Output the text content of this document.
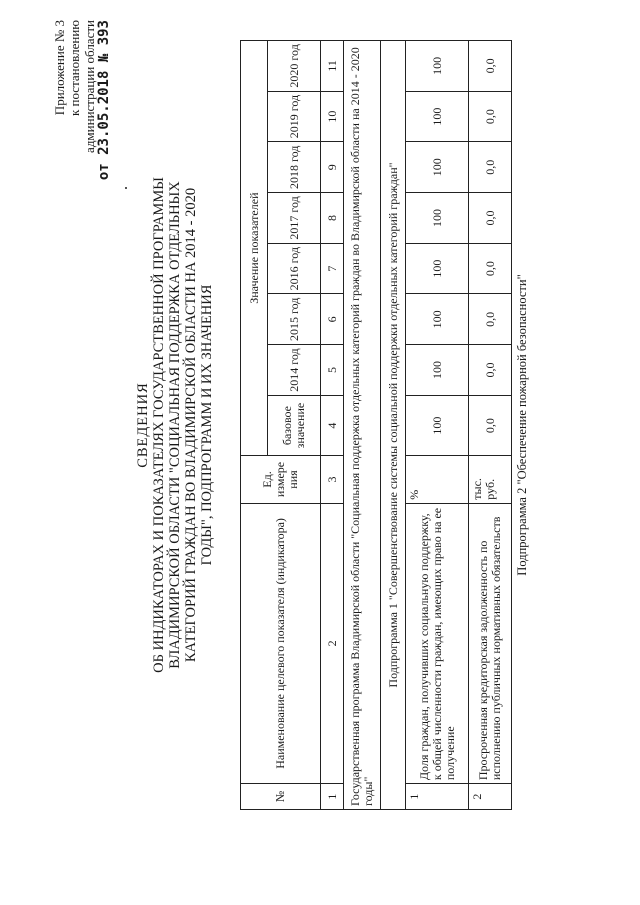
Приложение № 3 к постановлению администрации области от 23.05.2018 № 393
СВЕДЕНИЯ ОБ ИНДИКАТОРАХ И ПОКАЗАТЕЛЯХ ГОСУДАРСТВЕННОЙ ПРОГРАММЫ ВЛАДИМИРСКОЙ ОБЛАСТИ "СОЦИАЛЬНАЯ ПОДДЕРЖКА ОТДЕЛЬНЫХ КАТЕГОРИЙ ГРАЖДАН ВО ВЛАДИМИРСКОЙ ОБЛАСТИ НА 2014 - 2020 ГОДЫ", ПОДПРОГРАММ И ИХ ЗНАЧЕНИЯ
№	Наименование целевого показателя (индикатора)	Ед. измере ния	Значение показателей							
			базовое значение	2014 год	2015 год	2016 год	2017 год	2018 год	2019 год	2020 год
1	2	3	4	5	6	7	8	9	10	11
Государственная программа Владимирской области "Социальная поддержка отдельных категорий граждан во Владимирской области на 2014 - 2020 годы"										
Подпрограмма 1 "Совершенствование системы социальной поддержки отдельных категорий граждан"										
1	Доля граждан, получивших социальную поддержку, к общей численности граждан, имеющих право на ее получение	%	100	100	100	100	100	100	100	100
2	Просроченная кредиторская задолженность по исполнению публичных нормативных обязательств	тыс. руб.	0,0	0,0	0,0	0,0	0,0	0,0	0,0	0,0
Подпрограмма 2 "Обеспечение пожарной безопасности"
